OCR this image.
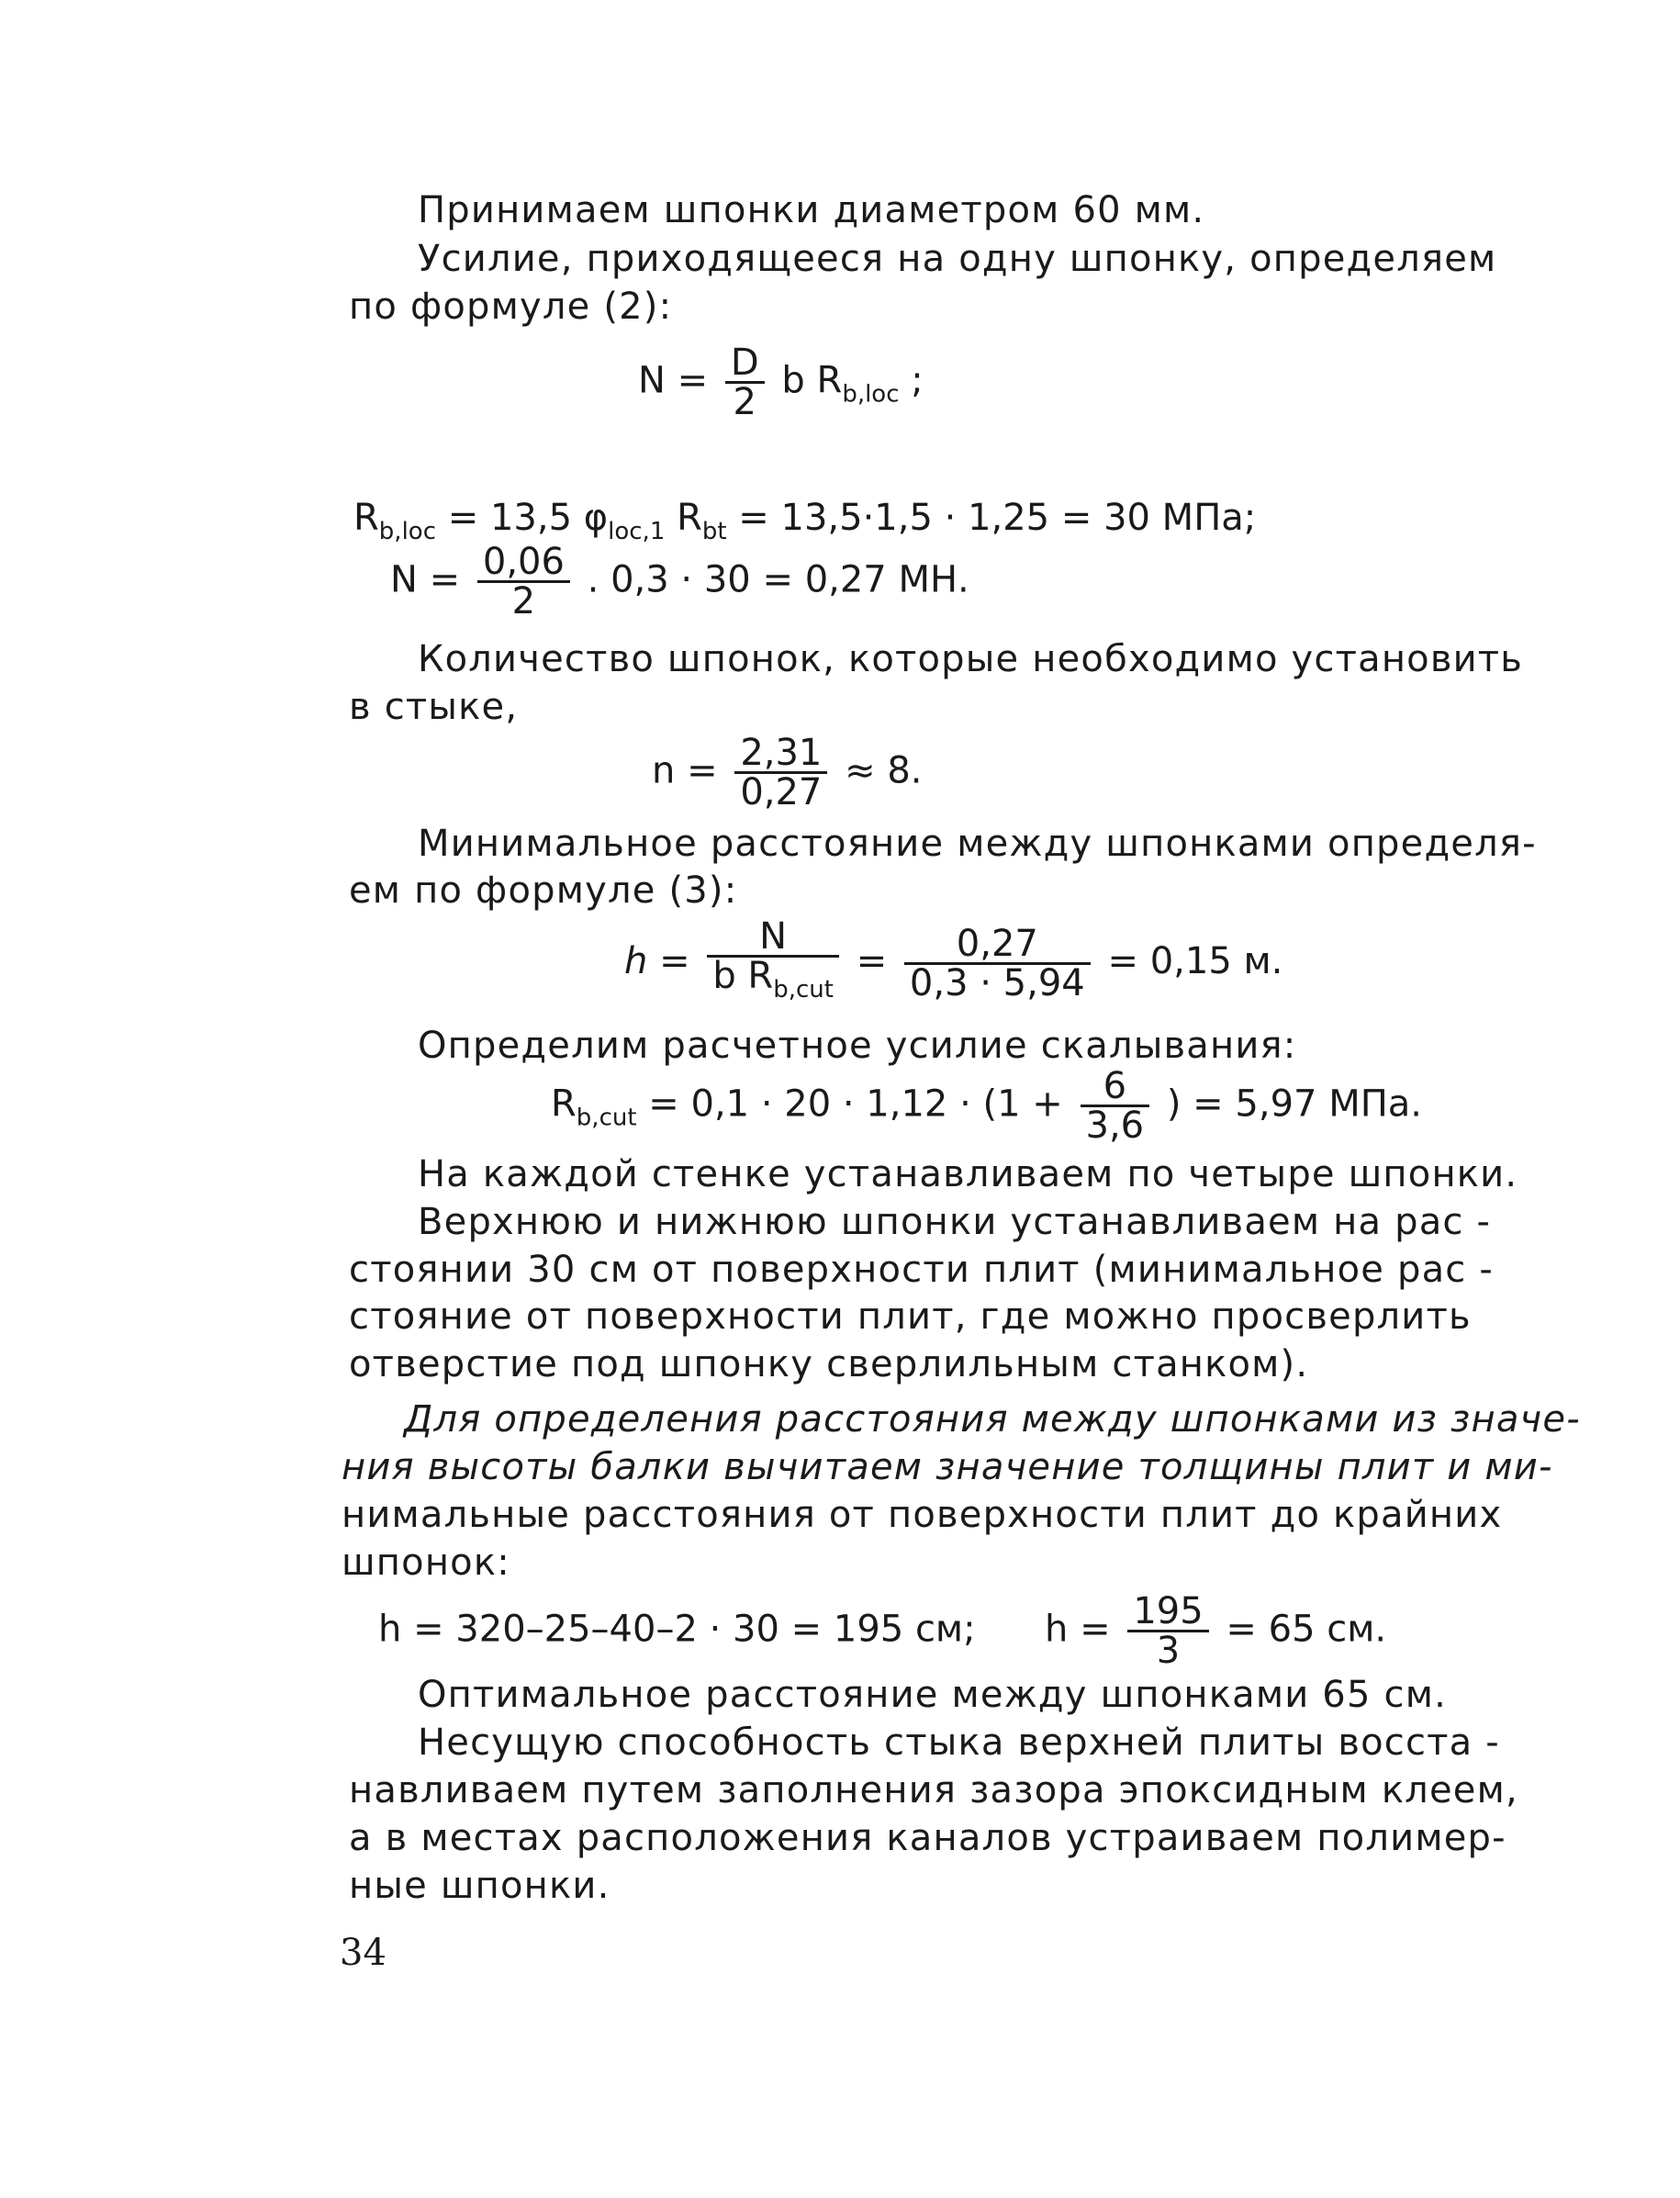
Принимаем шпонки диаметром 60 мм.
Усилие, приходящееся на одну шпонку, определяем
по формуле (2):
$N = \frac{D}{2}$ b $R_{b,loc}$ ;
$R_{b,loc} = 13,5$ $\varphi_{loc,1}$ $R_{bt} = 13,5\cdot 1,5 \cdot 1,25 = 30$ МПа;
$N = \frac{0,06}{2}$ . 0,3 · 30 = 0,27 МН.
Количество шпонок, которые необходимо установить
в стыке,
$n = \frac{2,31}{0,27} \approx 8$.
Минимальное расстояние между шпонками определя-
ем по формуле (3):
$h = \frac{N}{b R_{b,cut}} = \frac{0,27}{0,3 \cdot 5,94} = 0,15$ м.
Определим расчетное усилие скалывания:
$R_{b,cut} = 0,1 \cdot 20 \cdot 1,12 \cdot (1 + \frac{6}{3,6}$ ) = 5,97 МПа.
На каждой стенке устанавливаем по четыре шпонки.
Верхнюю и нижнюю шпонки устанавливаем на рас -
стоянии 30 см от поверхности плит (минимальное рас -
стояние от поверхности плит, где можно просверлить
отверстие под шпонку сверлильным станком).
Для определения расстояния между шпонками из значе-
ния высоты балки вычитаем значение толщины плит и ми-
нимальные расстояния от поверхности плит до крайних
шпонок:
h = 320–25–40–2 · 30 = 195 см; $h = \frac{195}{3} = 65$ см.
Оптимальное расстояние между шпонками 65 см.
Несущую способность стыка верхней плиты восста -
навливаем путем заполнения зазора эпоксидным клеем,
а в местах расположения каналов устраиваем полимер-
ные шпонки.
34
